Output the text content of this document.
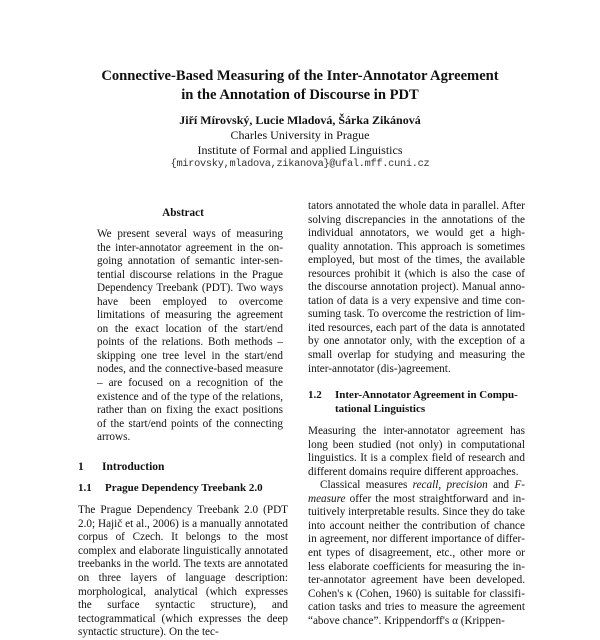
Connective-Based Measuring of the Inter-Annotator Agreement
in the Annotation of Discourse in PDT
Jiří Mírovský, Lucie Mladová, Šárka Zikánová
Charles University in Prague
Institute of Formal and applied Linguistics
{mirovsky,mladova,zikanova}@ufal.mff.cuni.cz
Abstract
We present several ways of measuring the inter-annotator agreement in the ongoing annotation of semantic inter-sentential discourse relations in the Prague Dependency Treebank (PDT). Two ways have been employed to overcome limitations of measuring the agreement on the exact location of the start/end points of the relations. Both methods – skipping one tree level in the start/end nodes, and the connective-based measure – are focused on a recognition of the existence and of the type of the relations, rather than on fixing the exact positions of the start/end points of the connecting arrows.
1 Introduction
1.1 Prague Dependency Treebank 2.0
The Prague Dependency Treebank 2.0 (PDT 2.0; Hajič et al., 2006) is a manually annotated corpus of Czech. It belongs to the most complex and elaborate linguistically annotated treebanks in the world. The texts are annotated on three layers of language description: morphological, analytical (which expresses the surface syntactic structure), and tectogrammatical (which expresses the deep syntactic structure). On the tec-
tators annotated the whole data in parallel. After solving discrepancies in the annotations of the individual annotators, we would get a high-quality annotation. This approach is sometimes employed, but most of the times, the available resources prohibit it (which is also the case of the discourse annotation project). Manual annotation of data is a very expensive and time consuming task. To overcome the restriction of limited resources, each part of the data is annotated by one annotator only, with the exception of a small overlap for studying and measuring the inter-annotator (dis-)agreement.
1.2	Inter-Annotator Agreement in Computational Linguistics
Measuring the inter-annotator agreement has long been studied (not only) in computational linguistics. It is a complex field of research and different domains require different approaches.
Classical measures recall, precision and F-measure offer the most straightforward and intuitively interpretable results. Since they do take into account neither the contribution of chance in agreement, nor different importance of different types of disagreement, etc., other more or less elaborate coefficients for measuring the inter-annotator agreement have been developed. Cohen's κ (Cohen, 1960) is suitable for classification tasks and tries to measure the agreement “above chance”. Krippendorff's α (Krippen-
